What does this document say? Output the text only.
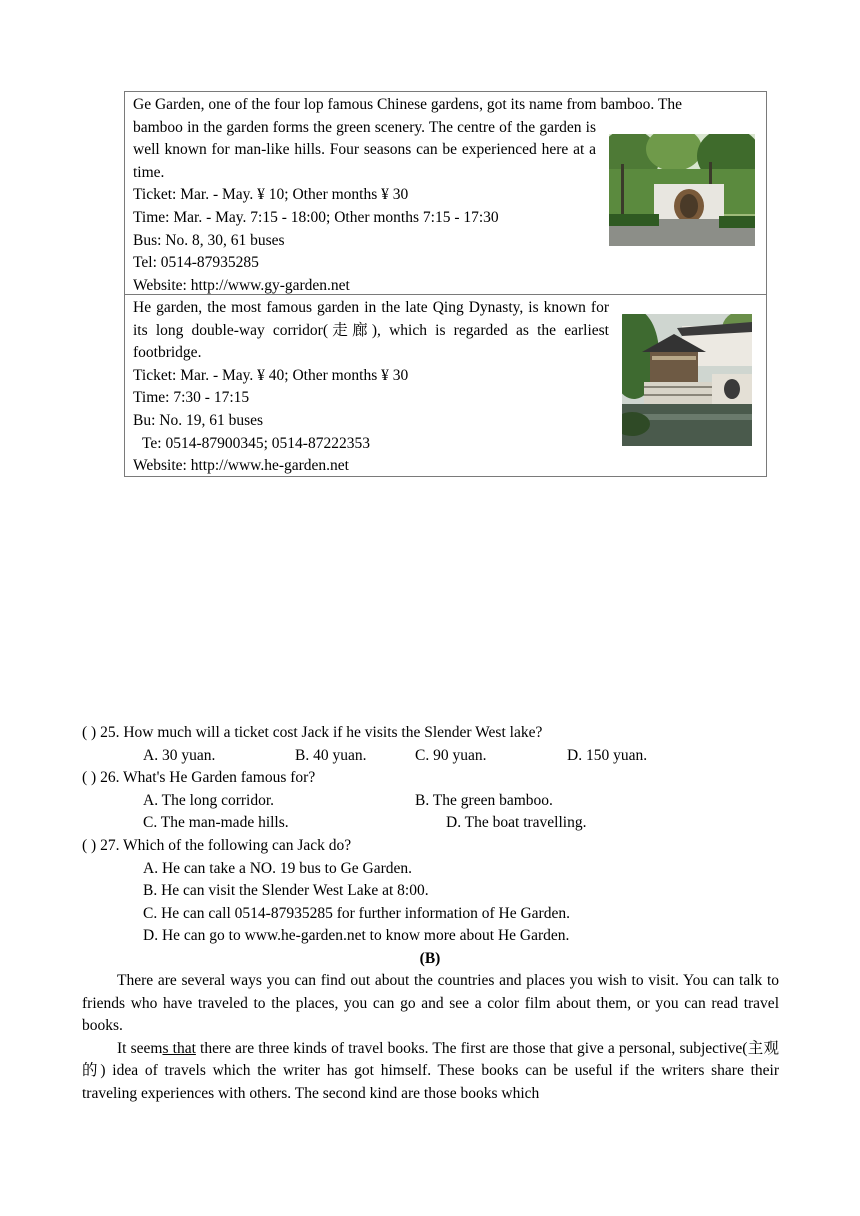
Ge Garden, one of the four lop famous Chinese gardens, got its name from bamboo. The

bamboo in the garden forms the green scenery. The centre of the garden is well known for man-like hills. Four seasons can be experienced here at a time.

Ticket: Mar. - May. ¥ 10; Other months ¥ 30

Time: Mar. - May. 7:15 - 18:00; Other months 7:15 - 17:30

Bus: No. 8, 30, 61 buses

Tel: 0514-87935285

Website: http://www.gy-garden.net

He garden, the most famous garden in the late Qing Dynasty, is known for its long double-way corridor(走廊), which is regarded as the earliest footbridge.

Ticket: Mar. - May. ¥ 40; Other months ¥ 30

Time: 7:30 - 17:15

Bu: No. 19, 61 buses

Te: 0514-87900345; 0514-87222353

Website: http://www.he-garden.net

( ) 25. How much will a ticket cost Jack if he visits the Slender West lake?
A. 30 yuan.	B. 40 yuan.	C. 90 yuan.	D. 150 yuan.
( ) 26. What's He Garden famous for?
A. The long corridor.	B. The green bamboo.
C. The man-made hills.	D. The boat travelling.
( ) 27. Which of the following can Jack do?
A. He can take a NO. 19 bus to Ge Garden.
B. He can visit the Slender West Lake at 8:00.
C. He can call 0514-87935285 for further information of He Garden.
D. He can go to www.he-garden.net to know more about He Garden.
(B)

There are several ways you can find out about the countries and places you wish to visit. You can talk to friends who have traveled to the places, you can go and see a color film about them, or you can read travel books.

It seems that there are three kinds of travel books. The first are those that give a personal, subjective(主观的) idea of travels which the writer has got himself. These books can be useful if the writers share their traveling experiences with others. The second kind are those books which
